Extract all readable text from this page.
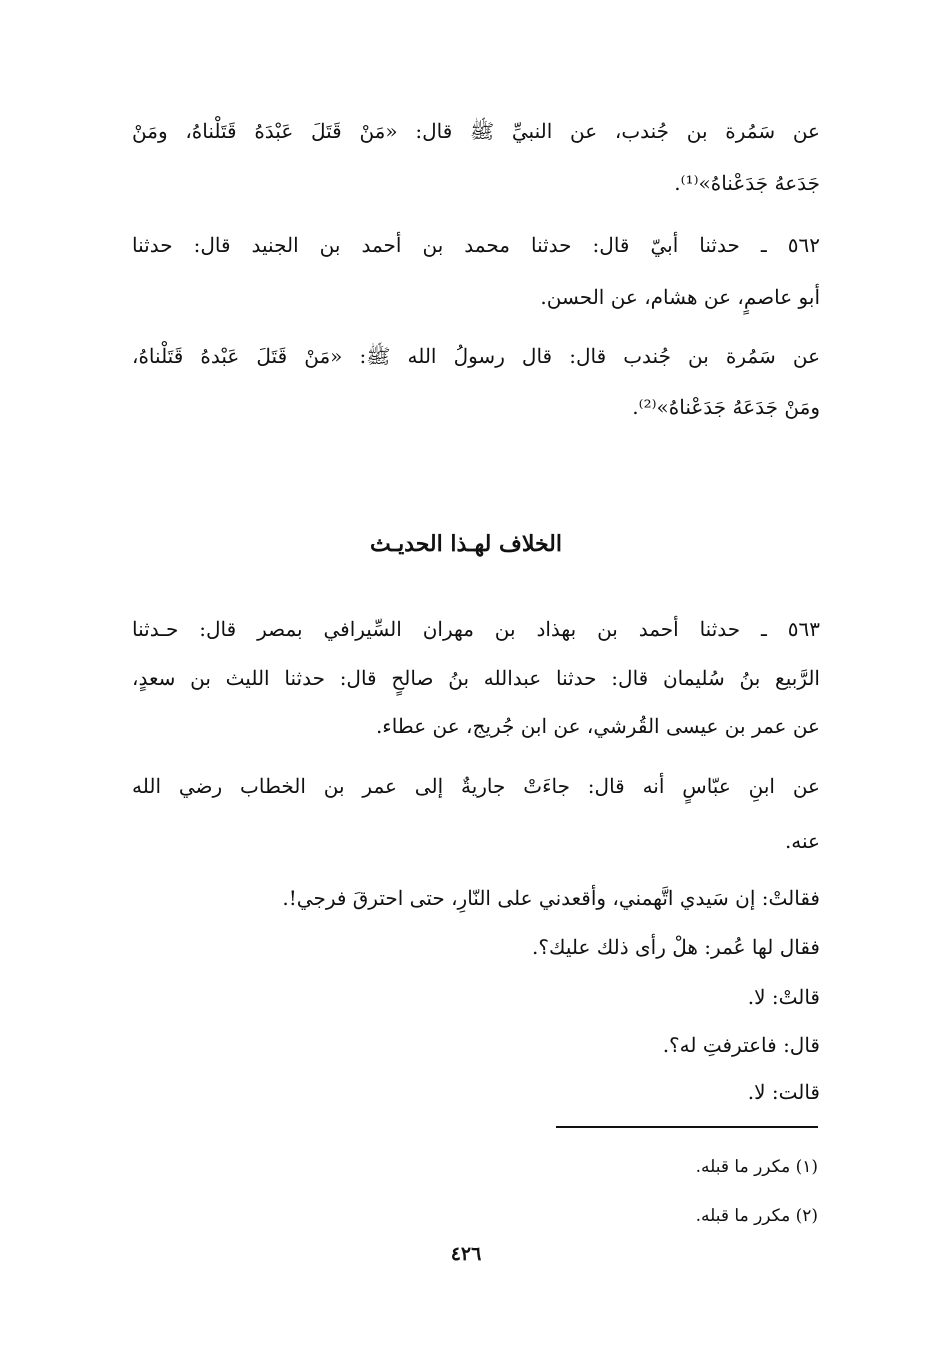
عن سَمُرة بن جُندب، عن النبيِّ ﷺ قال: «مَنْ قَتَلَ عَبْدَهُ قَتَلْناهُ، ومَنْ
جَدَعهُ جَدَعْناهُ»⁽¹⁾.
٥٦٢ ـ حدثنا أبيّ قال: حدثنا محمد بن أحمد بن الجنيد قال: حدثنا
أبو عاصمٍ، عن هشام، عن الحسن.
عن سَمُرة بن جُندب قال: قال رسولُ الله ﷺ: «مَنْ قَتَلَ عَبْدهُ قَتَلْناهُ،
ومَنْ جَدَعَهُ جَدَعْناهُ»⁽²⁾.
الخلاف لهـذا الحديـث
٥٦٣ ـ حدثنا أحمد بن بهذاد بن مهران السِّيرافي بمصر قال: حـدثنا
الرَّبيع بنُ سُليمان قال: حدثنا عبدالله بنُ صالحٍ قال: حدثنا الليث بن سعدٍ،
عن عمر بن عيسى القُرشي، عن ابن جُريج، عن عطاء.
عن ابنِ عبّاسٍ أنه قال: جاءَتْ جاريةٌ إلى عمر بن الخطاب رضي الله
عنه.
فقالتْ: إن سَيدي اتَّهمني، وأقعدني على النّارِ، حتى احترقَ فرجي!.
فقال لها عُمر: هلْ رأى ذلك عليك؟.
قالتْ: لا.
قال: فاعترفتِ له؟.
قالت: لا.
(١) مكرر ما قبله.
(٢) مكرر ما قبله.
٤٢٦
